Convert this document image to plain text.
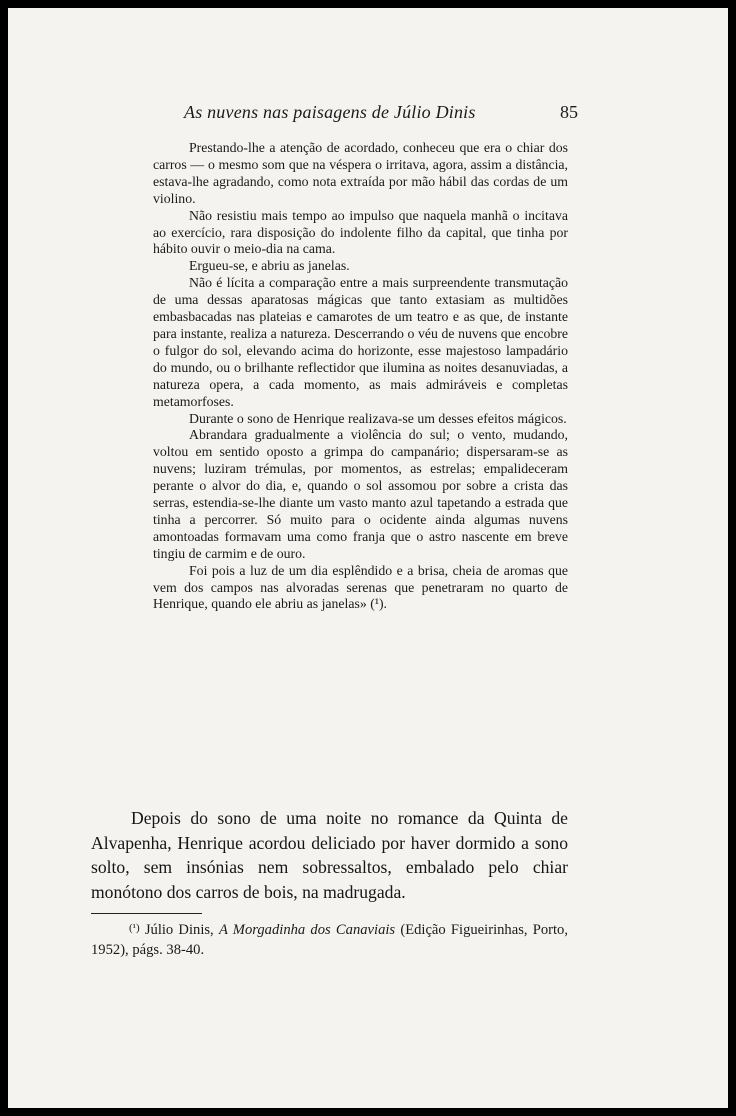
As nuvens nas paisagens de Júlio Dinis	85

Prestando-lhe a atenção de acordado, conheceu que era o chiar dos carros — o mesmo som que na véspera o irritava, agora, assim a distância, estava-lhe agradando, como nota extraída por mão hábil das cordas de um violino.

Não resistiu mais tempo ao impulso que naquela manhã o incitava ao exercício, rara disposição do indolente filho da capital, que tinha por hábito ouvir o meio-dia na cama.

Ergueu-se, e abriu as janelas.

Não é lícita a comparação entre a mais surpreendente transmutação de uma dessas aparatosas mágicas que tanto extasiam as multidões embasbacadas nas plateias e camarotes de um teatro e as que, de instante para instante, realiza a natureza. Descerrando o véu de nuvens que encobre o fulgor do sol, elevando acima do horizonte, esse majestoso lampadário do mundo, ou o brilhante reflectidor que ilumina as noites desanuviadas, a natureza opera, a cada momento, as mais admiráveis e completas metamorfoses.

Durante o sono de Henrique realizava-se um desses efeitos mágicos.

Abrandara gradualmente a violência do sul; o vento, mudando, voltou em sentido oposto a grimpa do campanário; dispersaram-se as nuvens; luziram trémulas, por momentos, as estrelas; empalideceram perante o alvor do dia, e, quando o sol assomou por sobre a crista das serras, estendia-se-lhe diante um vasto manto azul tapetando a estrada que tinha a percorrer. Só muito para o ocidente ainda algumas nuvens amontoadas formavam uma como franja que o astro nascente em breve tingiu de carmim e de ouro.

Foi pois a luz de um dia esplêndido e a brisa, cheia de aromas que vem dos campos nas alvoradas serenas que penetraram no quarto de Henrique, quando ele abriu as janelas» (¹).

Depois do sono de uma noite no romance da Quinta de Alvapenha, Henrique acordou deliciado por haver dormido a sono solto, sem insónias nem sobressaltos, embalado pelo chiar monótono dos carros de bois, na madrugada.

$^{(^1)}$ Júlio Dinis, A Morgadinha dos Canaviais (Edição Figueirinhas, Porto, 1952), págs. 38-40.
